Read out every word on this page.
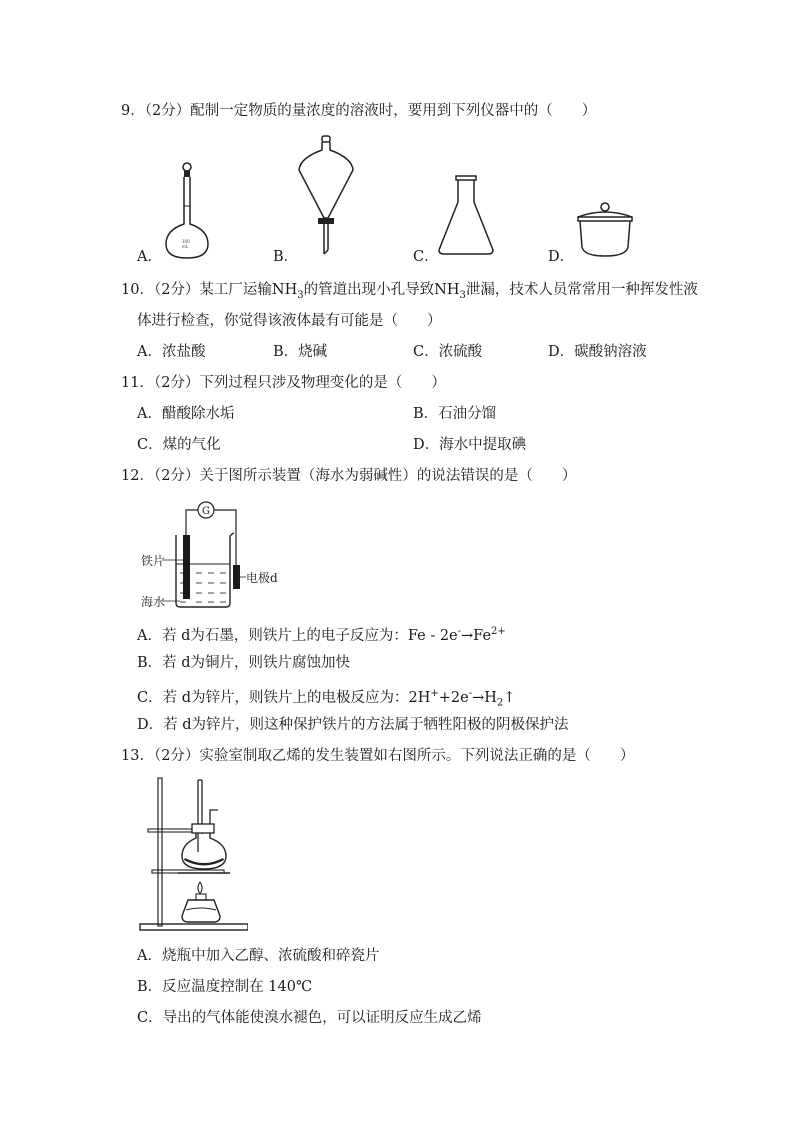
9．（2分）配制一定物质的量浓度的溶液时，要用到下列仪器中的（　　）
100
mL
A．	B．	C．	D．
10．（2分）某工厂运输$NH_3$的管道出现小孔导致$NH_3$泄漏，技术人员常常用一种挥发性液
体进行检查，你觉得该液体最有可能是（　　）
A．浓盐酸	B．烧碱	C．浓硫酸	D．碳酸钠溶液
11．（2分）下列过程只涉及物理变化的是（　　）
A．醋酸除水垢	B．石油分馏
C．煤的气化	D．海水中提取碘
12．（2分）关于图所示装置（海水为弱碱性）的说法错误的是（　　）
G
铁片
电极d
海水
A．若 d为石墨，则铁片上的电子反应为：$Fe - 2e^-\to Fe^{2+}$
B．若 d为铜片，则铁片腐蚀加快
C．若 d为锌片，则铁片上的电极反应为：$2H^++2e^-\to H_2↑$
D．若 d为锌片，则这种保护铁片的方法属于牺牲阳极的阴极保护法
13．（2分）实验室制取乙烯的发生装置如右图所示。下列说法正确的是（　　）
A．烧瓶中加入乙醇、浓硫酸和碎瓷片
B．反应温度控制在 140℃
C．导出的气体能使溴水褪色，可以证明反应生成乙烯
